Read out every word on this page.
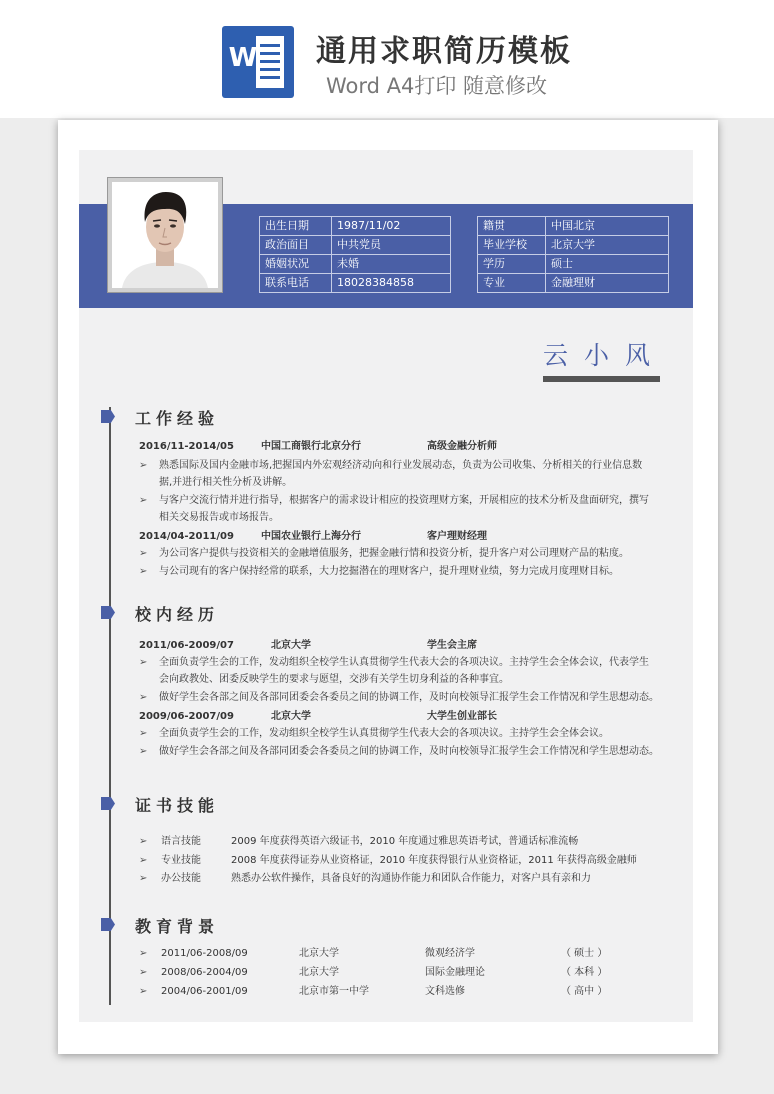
W 通用求职简历模板
Word A4打印 随意修改
出生日期	1987/11/02
政治面目	中共党员
婚姻状况	未婚
联系电话	18028384858
籍贯	中国北京
毕业学校	北京大学
学历	硕士
专业	金融理财
云小风
工作经验
2016/11-2014/05	中国工商银行北京分行	高级金融分析师
➢ 熟悉国际及国内金融市场,把握国内外宏观经济动向和行业发展动态，负责为公司收集、分析相关的行业信息数
据,并进行相关性分析及讲解。
➢ 与客户交流行情并进行指导，根据客户的需求设计相应的投资理财方案，开展相应的技术分析及盘面研究，撰写
相关交易报告或市场报告。
2014/04-2011/09	中国农业银行上海分行	客户理财经理
➢ 为公司客户提供与投资相关的金融增值服务，把握金融行情和投资分析，提升客户对公司理财产品的粘度。
➢ 与公司现有的客户保持经常的联系，大力挖掘潜在的理财客户，提升理财业绩，努力完成月度理财目标。
校内经历
2011/06-2009/07	北京大学	学生会主席
➢ 全面负责学生会的工作，发动组织全校学生认真贯彻学生代表大会的各项决议。主持学生会全体会议，代表学生
会向政教处、团委反映学生的要求与愿望，交涉有关学生切身利益的各种事宜。
➢ 做好学生会各部之间及各部同团委会各委员之间的协调工作，及时向校领导汇报学生会工作情况和学生思想动态。
2009/06-2007/09	北京大学	大学生创业部长
➢ 全面负责学生会的工作，发动组织全校学生认真贯彻学生代表大会的各项决议。主持学生会全体会议。
➢ 做好学生会各部之间及各部同团委会各委员之间的协调工作，及时向校领导汇报学生会工作情况和学生思想动态。
证书技能
➢ 语言技能	2009 年度获得英语六级证书，2010 年度通过雅思英语考试，普通话标准流畅
➢ 专业技能	2008 年度获得证券从业资格证，2010 年度获得银行从业资格证，2011 年获得高级金融师
➢ 办公技能	熟悉办公软件操作，具备良好的沟通协作能力和团队合作能力，对客户具有亲和力
教育背景
➢ 2011/06-2008/09	北京大学	微观经济学	（ 硕士 ）
➢ 2008/06-2004/09	北京大学	国际金融理论	（ 本科 ）
➢ 2004/06-2001/09	北京市第一中学	文科选修	（ 高中 ）
